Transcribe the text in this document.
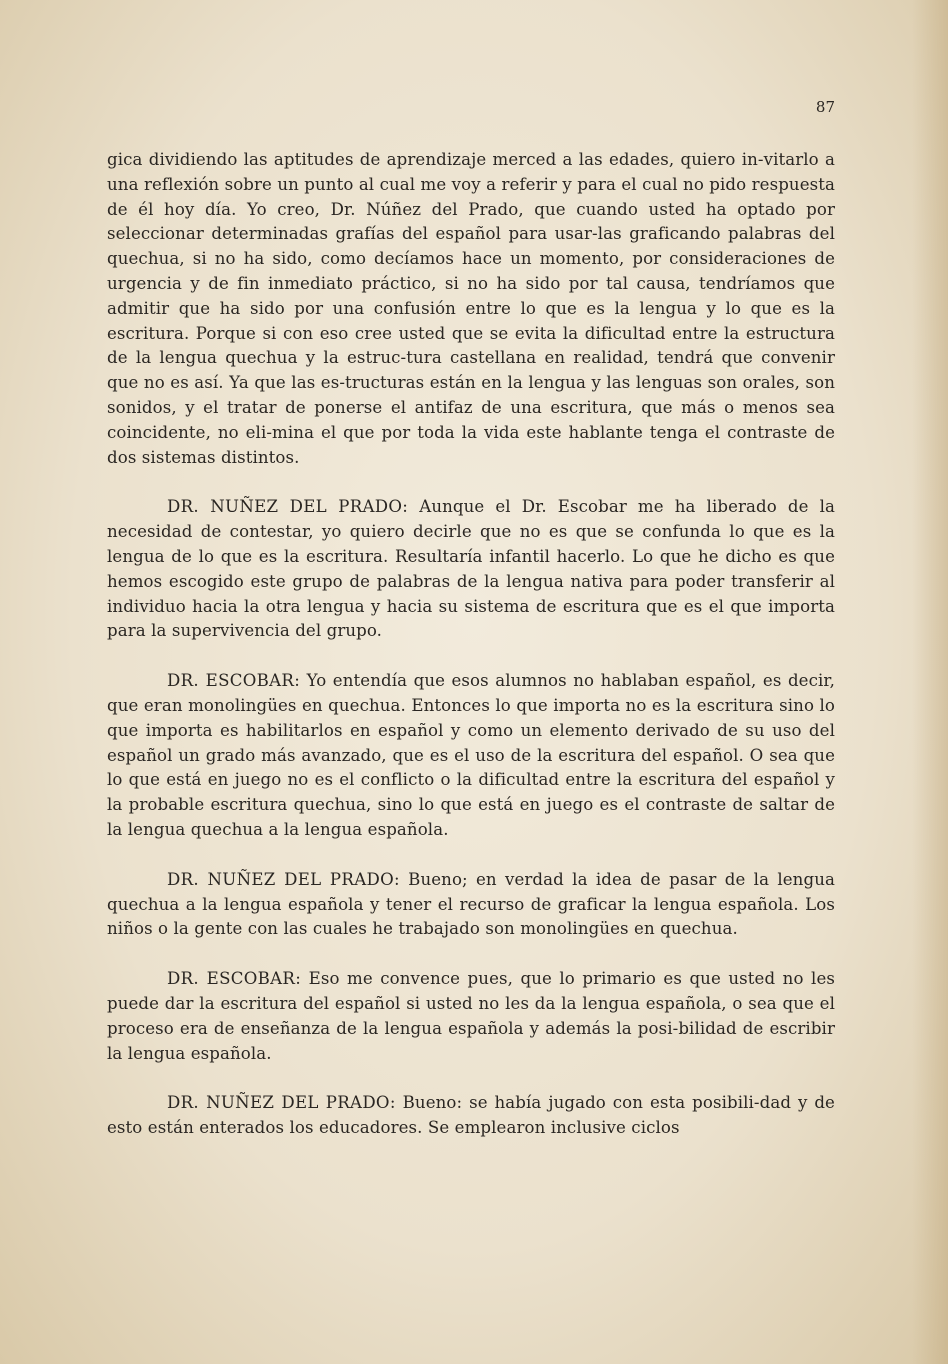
87

gica dividiendo las aptitudes de aprendizaje merced a las edades, quiero in-vitarlo a una reflexión sobre un punto al cual me voy a referir y para el cual no pido respuesta de él hoy día. Yo creo, Dr. Núñez del Prado, que cuando usted ha optado por seleccionar determinadas grafías del español para usar-las graficando palabras del quechua, si no ha sido, como decíamos hace un momento, por consideraciones de urgencia y de fin inmediato práctico, si no ha sido por tal causa, tendríamos que admitir que ha sido por una confusión entre lo que es la lengua y lo que es la escritura. Porque si con eso cree usted que se evita la dificultad entre la estructura de la lengua quechua y la estruc-tura castellana en realidad, tendrá que convenir que no es así. Ya que las es-tructuras están en la lengua y las lenguas son orales, son sonidos, y el tratar de ponerse el antifaz de una escritura, que más o menos sea coincidente, no eli-mina el que por toda la vida este hablante tenga el contraste de dos sistemas distintos.

DR. NUÑEZ DEL PRADO: Aunque el Dr. Escobar me ha liberado de la necesidad de contestar, yo quiero decirle que no es que se confunda lo que es la lengua de lo que es la escritura. Resultaría infantil hacerlo. Lo que he dicho es que hemos escogido este grupo de palabras de la lengua nativa para poder transferir al individuo hacia la otra lengua y hacia su sistema de escritura que es el que importa para la supervivencia del grupo.

DR. ESCOBAR: Yo entendía que esos alumnos no hablaban español, es decir, que eran monolingües en quechua. Entonces lo que importa no es la escritura sino lo que importa es habilitarlos en español y como un elemento derivado de su uso del español un grado más avanzado, que es el uso de la escritura del español. O sea que lo que está en juego no es el conflicto o la dificultad entre la escritura del español y la probable escritura quechua, sino lo que está en juego es el contraste de saltar de la lengua quechua a la lengua española.

DR. NUÑEZ DEL PRADO: Bueno; en verdad la idea de pasar de la lengua quechua a la lengua española y tener el recurso de graficar la lengua española. Los niños o la gente con las cuales he trabajado son monolingües en quechua.

DR. ESCOBAR: Eso me convence pues, que lo primario es que usted no les puede dar la escritura del español si usted no les da la lengua española, o sea que el proceso era de enseñanza de la lengua española y además la posi-bilidad de escribir la lengua española.

DR. NUÑEZ DEL PRADO: Bueno: se había jugado con esta posibili-dad y de esto están enterados los educadores. Se emplearon inclusive ciclos
